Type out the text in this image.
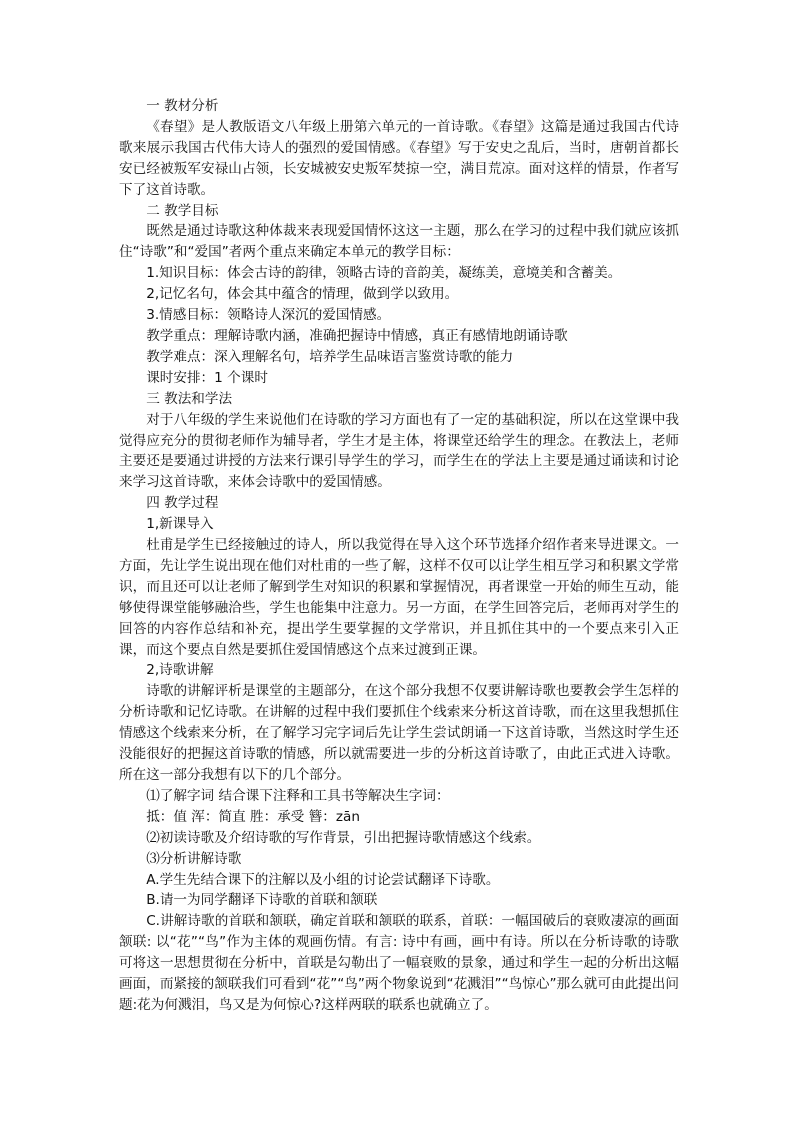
一 教材分析

《春望》是人教版语文八年级上册第六单元的一首诗歌。《春望》这篇是通过我国古代诗歌来展示我国古代伟大诗人的强烈的爱国情感。《春望》写于安史之乱后，当时，唐朝首都长安已经被叛军安禄山占领，长安城被安史叛军焚掠一空，满目荒凉。面对这样的情景，作者写下了这首诗歌。

二 教学目标

既然是通过诗歌这种体裁来表现爱国情怀这这一主题，那么在学习的过程中我们就应该抓住“诗歌”和“爱国”者两个重点来确定本单元的教学目标：

1.知识目标：体会古诗的韵律，领略古诗的音韵美，凝练美，意境美和含蓄美。

2,记忆名句，体会其中蕴含的情理，做到学以致用。

3.情感目标：领略诗人深沉的爱国情感。

教学重点：理解诗歌内涵，准确把握诗中情感，真正有感情地朗诵诗歌

教学难点：深入理解名句，培养学生品味语言鉴赏诗歌的能力

课时安排：1 个课时

三 教法和学法

对于八年级的学生来说他们在诗歌的学习方面也有了一定的基础积淀，所以在这堂课中我觉得应充分的贯彻老师作为辅导者，学生才是主体，将课堂还给学生的理念。在教法上，老师主要还是要通过讲授的方法来行课引导学生的学习，而学生在的学法上主要是通过诵读和讨论来学习这首诗歌，来体会诗歌中的爱国情感。

四 教学过程

1,新课导入

杜甫是学生已经接触过的诗人，所以我觉得在导入这个环节选择介绍作者来导进课文。一方面，先让学生说出现在他们对杜甫的一些了解，这样不仅可以让学生相互学习和积累文学常识，而且还可以让老师了解到学生对知识的积累和掌握情况，再者课堂一开始的师生互动，能够使得课堂能够融洽些，学生也能集中注意力。另一方面，在学生回答完后，老师再对学生的回答的内容作总结和补充，提出学生要掌握的文学常识，并且抓住其中的一个要点来引入正课，而这个要点自然是要抓住爱国情感这个点来过渡到正课。

2,诗歌讲解

诗歌的讲解评析是课堂的主题部分，在这个部分我想不仅要讲解诗歌也要教会学生怎样的分析诗歌和记忆诗歌。在讲解的过程中我们要抓住个线索来分析这首诗歌，而在这里我想抓住情感这个线索来分析，在了解学习完字词后先让学生尝试朗诵一下这首诗歌，当然这时学生还没能很好的把握这首诗歌的情感，所以就需要进一步的分析这首诗歌了，由此正式进入诗歌。所在这一部分我想有以下的几个部分。

⑴了解字词 结合课下注释和工具书等解决生字词：

抵：值 浑：简直 胜：承受 簪：zān

⑵初读诗歌及介绍诗歌的写作背景，引出把握诗歌情感这个线索。

⑶分析讲解诗歌

A.学生先结合课下的注解以及小组的讨论尝试翻译下诗歌。

B.请一为同学翻译下诗歌的首联和颔联

C.讲解诗歌的首联和颔联，确定首联和颔联的联系，首联：一幅国破后的衰败凄凉的画面 颔联: 以“花”“鸟”作为主体的观画伤情。有言: 诗中有画，画中有诗。所以在分析诗歌的诗歌可将这一思想贯彻在分析中，首联是勾勒出了一幅衰败的景象，通过和学生一起的分析出这幅画面，而紧接的颔联我们可看到“花”“鸟”两个物象说到“花溅泪”“鸟惊心”那么就可由此提出问题:花为何溅泪，鸟又是为何惊心?这样两联的联系也就确立了。
